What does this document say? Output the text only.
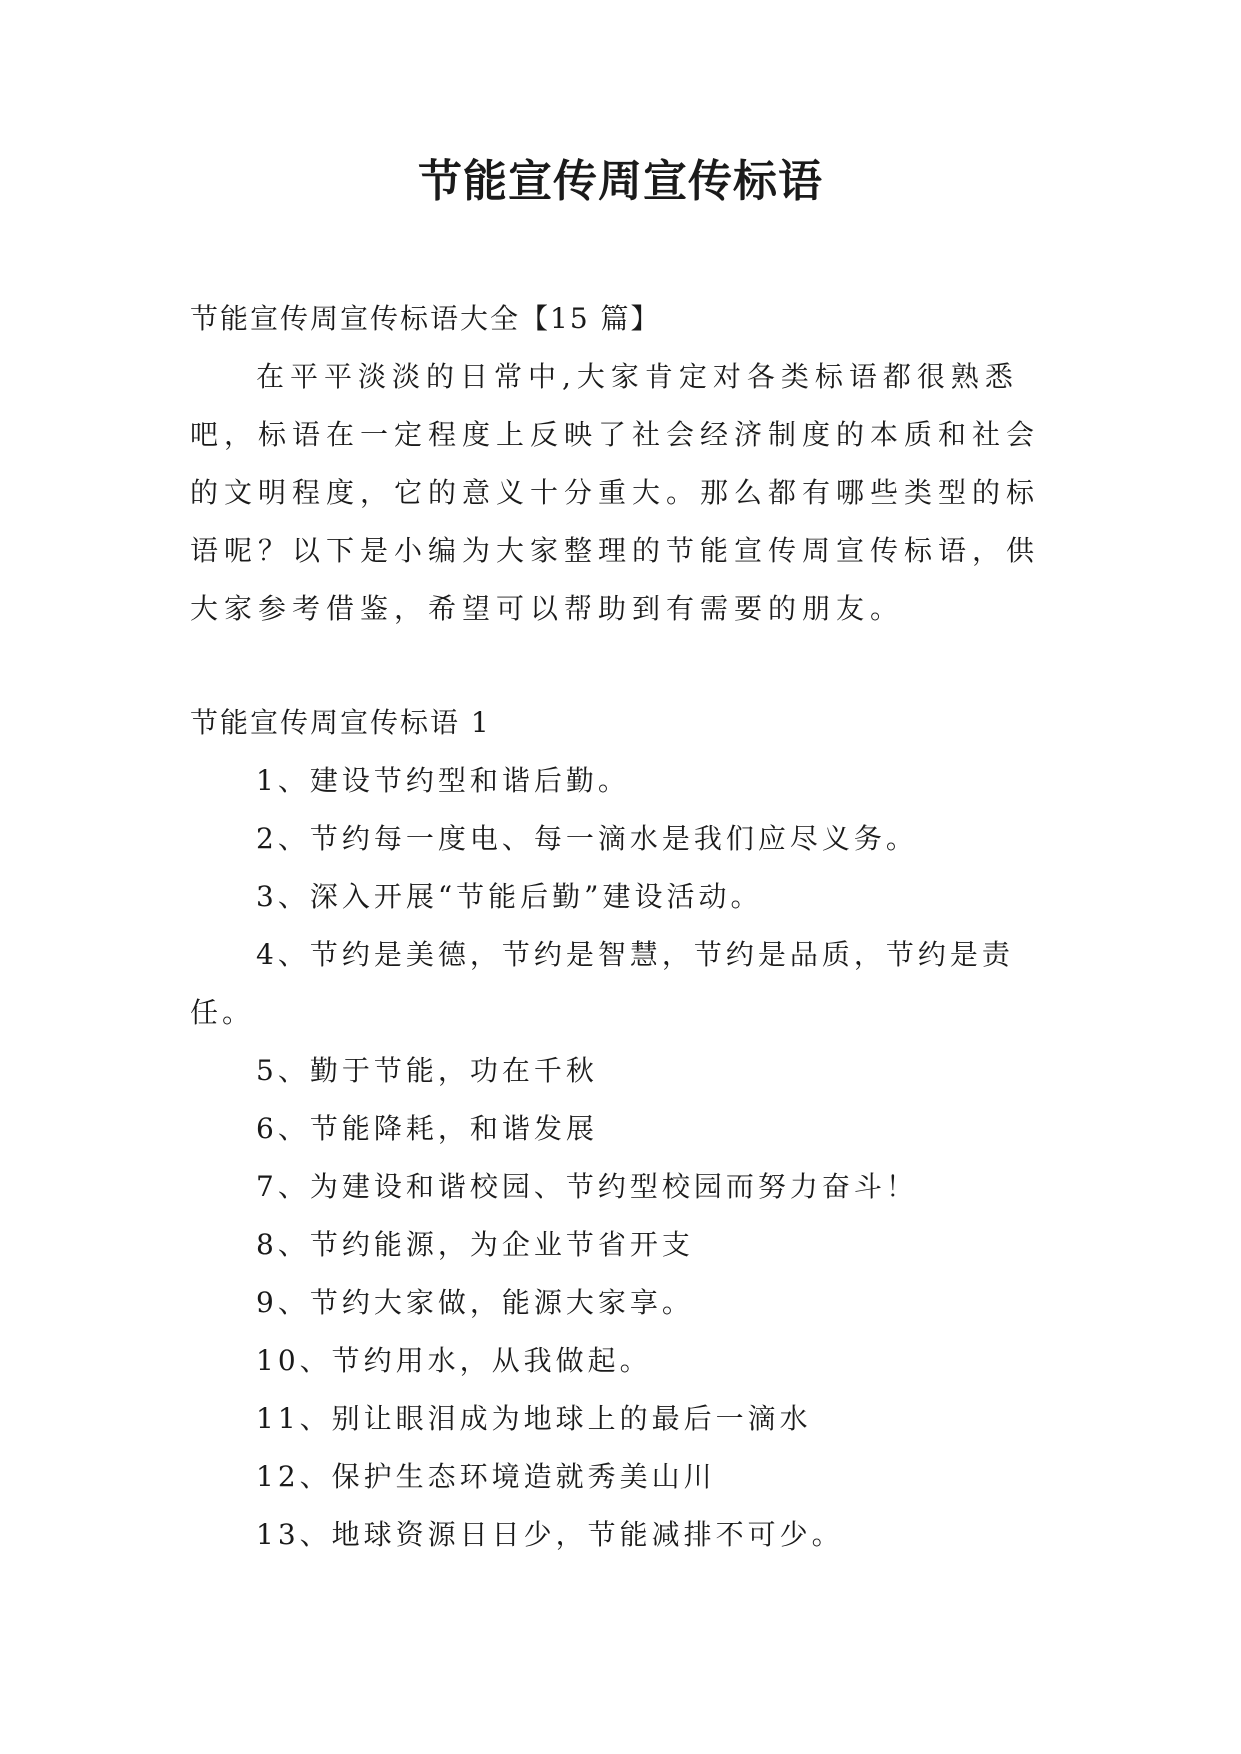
节能宣传周宣传标语

节能宣传周宣传标语大全【15 篇】

在平平淡淡的日常中,大家肯定对各类标语都很熟悉吧，标语在一定程度上反映了社会经济制度的本质和社会的文明程度，它的意义十分重大。那么都有哪些类型的标语呢？以下是小编为大家整理的节能宣传周宣传标语，供大家参考借鉴，希望可以帮助到有需要的朋友。

节能宣传周宣传标语 1

1、建设节约型和谐后勤。
2、节约每一度电、每一滴水是我们应尽义务。
3、深入开展“节能后勤”建设活动。
4、节约是美德，节约是智慧，节约是品质，节约是责任。
5、勤于节能，功在千秋
6、节能降耗，和谐发展
7、为建设和谐校园、节约型校园而努力奋斗！
8、节约能源，为企业节省开支
9、节约大家做，能源大家享。
10、节约用水，从我做起。
11、别让眼泪成为地球上的最后一滴水
12、保护生态环境造就秀美山川
13、地球资源日日少，节能减排不可少。
